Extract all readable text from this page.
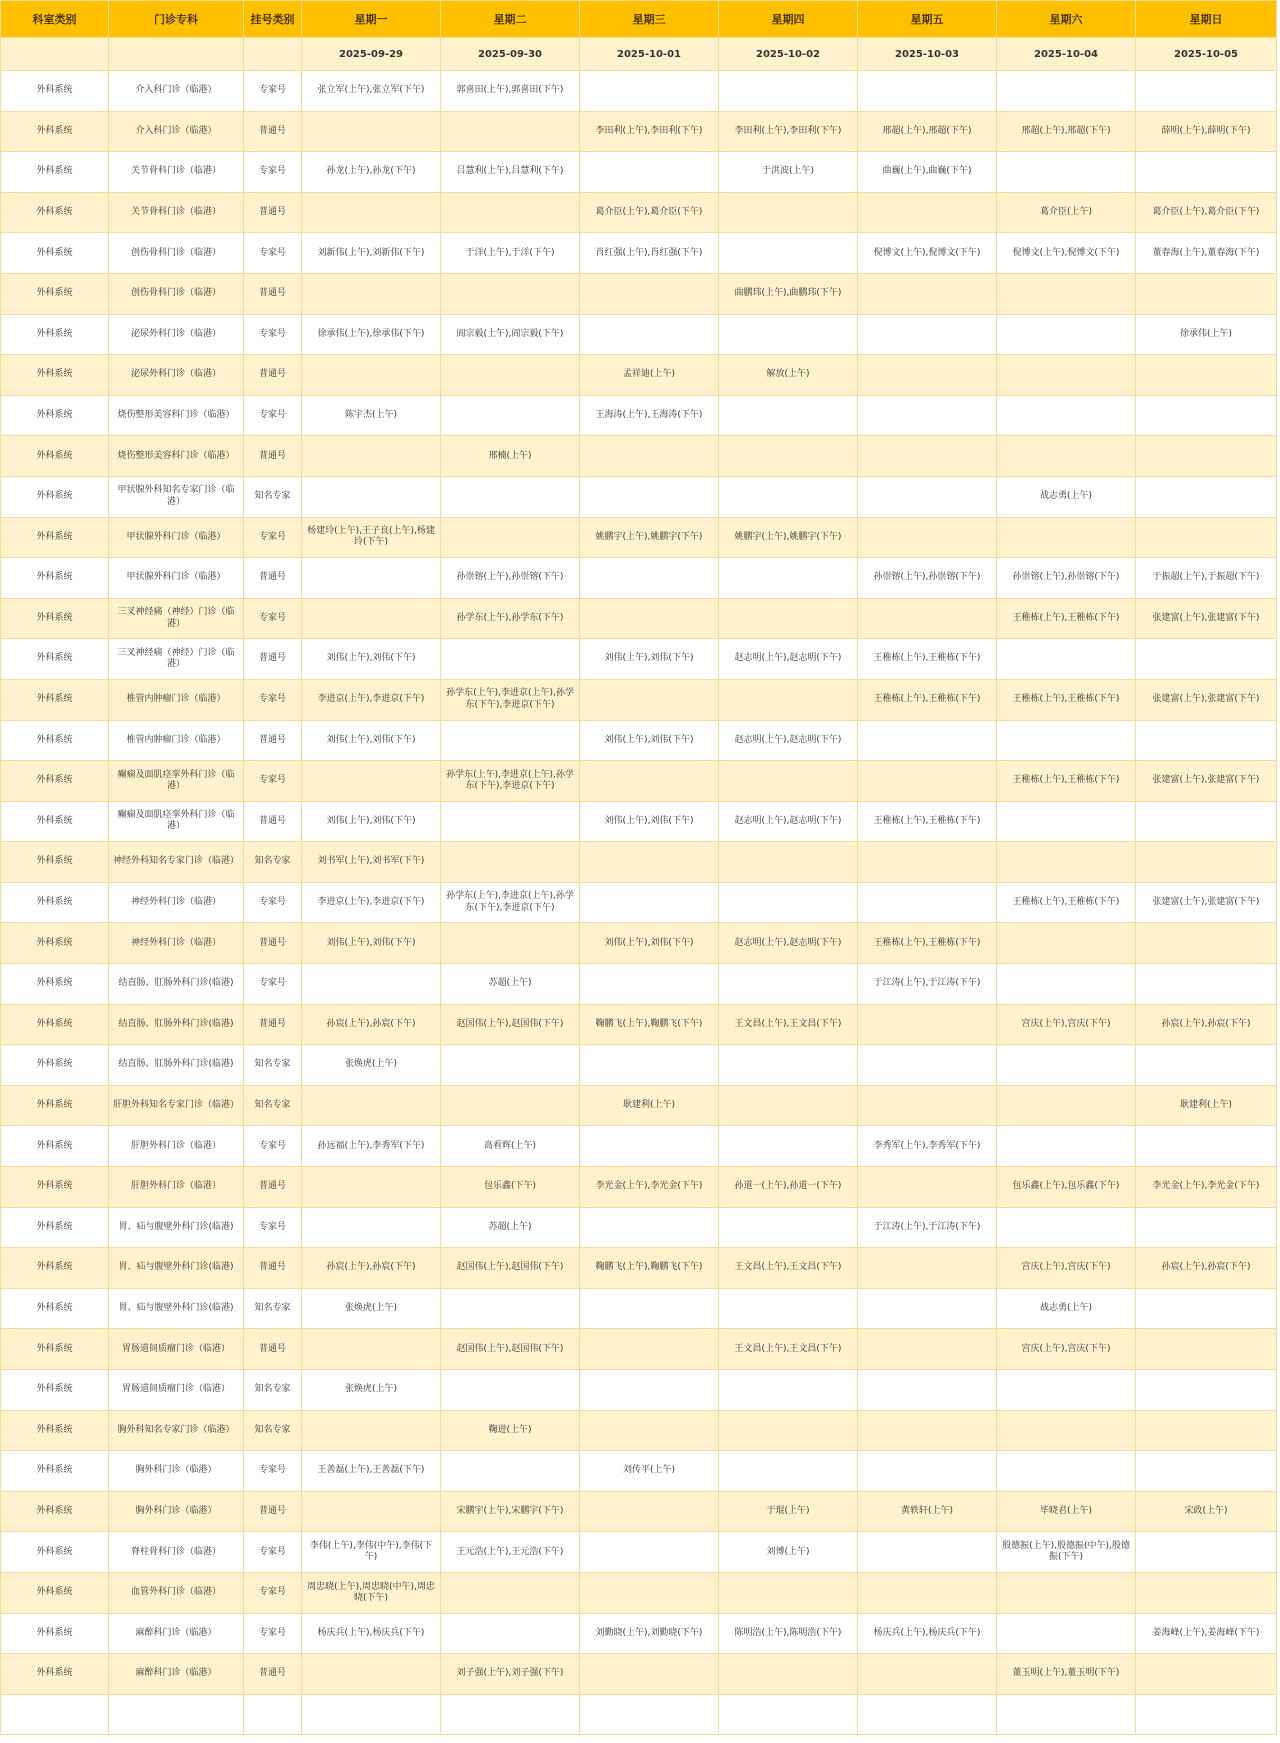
科室类别	门诊专科	挂号类别	星期一	星期二	星期三	星期四	星期五	星期六	星期日
			2025-09-29	2025-09-30	2025-10-01	2025-10-02	2025-10-03	2025-10-04	2025-10-05
外科系统	介入科门诊（临港）	专家号	张立军(上午),张立军(下午)	郭喜田(上午),郭喜田(下午)					
外科系统	介入科门诊（临港）	普通号			李田利(上午),李田利(下午)	李田利(上午),李田利(下午)	邢超(上午),邢超(下午)	邢超(上午),邢超(下午)	薛明(上午),薛明(下午)
外科系统	关节骨科门诊（临港）	专家号	孙龙(上午),孙龙(下午)	吕慧利(上午),吕慧利(下午)		于洪波(上午)	曲巍(上午),曲巍(下午)		
外科系统	关节骨科门诊（临港）	普通号			葛介臣(上午),葛介臣(下午)			葛介臣(上午)	葛介臣(上午),葛介臣(下午)
外科系统	创伤骨科门诊（临港）	专家号	刘新伟(上午),刘新伟(下午)	于洋(上午),于洋(下午)	肖红强(上午),肖红强(下午)		倪博文(上午),倪博文(下午)	倪博文(上午),倪博文(下午)	董春海(上午),董春海(下午)
外科系统	创伤骨科门诊（临港）	普通号				曲鹏玮(上午),曲鹏玮(下午)			
外科系统	泌尿外科门诊（临港）	专家号	徐承伟(上午),徐承伟(下午)	阎宗毅(上午),阎宗毅(下午)					徐承伟(上午)
外科系统	泌尿外科门诊（临港）	普通号			孟祥迪(上午)	解放(上午)			
外科系统	烧伤整形美容科门诊（临港）	专家号	陈宇杰(上午)		王海涛(上午),王海涛(下午)				
外科系统	烧伤整形美容科门诊（临港）	普通号		邢楠(上午)					
外科系统	甲状腺外科知名专家门诊（临港）	知名专家						战志勇(上午)	
外科系统	甲状腺外科门诊（临港）	专家号	杨建玲(上午),王子良(上午),杨建玲(下午)		姚鹏宇(上午),姚鹏宇(下午)	姚鹏宇(上午),姚鹏宇(下午)			
外科系统	甲状腺外科门诊（临港）	普通号		孙崇镕(上午),孙崇镕(下午)			孙崇镕(上午),孙崇镕(下午)	孙崇镕(上午),孙崇镕(下午)	于振超(上午),于振超(下午)
外科系统	三叉神经痛（神经）门诊（临港）	专家号		孙学东(上午),孙学东(下午)				王稚栋(上午),王稚栋(下午)	张建富(上午),张建富(下午)
外科系统	三叉神经痛（神经）门诊（临港）	普通号	刘伟(上午),刘伟(下午)		刘伟(上午),刘伟(下午)	赵志明(上午),赵志明(下午)	王稚栋(上午),王稚栋(下午)		
外科系统	椎管内肿瘤门诊（临港）	专家号	李进京(上午),李进京(下午)	孙学东(上午),李进京(上午),孙学东(下午),李进京(下午)			王稚栋(上午),王稚栋(下午)	王稚栋(上午),王稚栋(下午)	张建富(上午),张建富(下午)
外科系统	椎管内肿瘤门诊（临港）	普通号	刘伟(上午),刘伟(下午)		刘伟(上午),刘伟(下午)	赵志明(上午),赵志明(下午)			
外科系统	癫痫及面肌痉挛外科门诊（临港）	专家号		孙学东(上午),李进京(上午),孙学东(下午),李进京(下午)				王稚栋(上午),王稚栋(下午)	张建富(上午),张建富(下午)
外科系统	癫痫及面肌痉挛外科门诊（临港）	普通号	刘伟(上午),刘伟(下午)		刘伟(上午),刘伟(下午)	赵志明(上午),赵志明(下午)	王稚栋(上午),王稚栋(下午)		
外科系统	神经外科知名专家门诊（临港）	知名专家	刘书军(上午),刘书军(下午)						
外科系统	神经外科门诊（临港）	专家号	李进京(上午),李进京(下午)	孙学东(上午),李进京(上午),孙学东(下午),李进京(下午)				王稚栋(上午),王稚栋(下午)	张建富(上午),张建富(下午)
外科系统	神经外科门诊（临港）	普通号	刘伟(上午),刘伟(下午)		刘伟(上午),刘伟(下午)	赵志明(上午),赵志明(下午)	王稚栋(上午),王稚栋(下午)		
外科系统	结直肠、肛肠外科门诊(临港)	专家号		苏超(上午)			于江涛(上午),于江涛(下午)		
外科系统	结直肠、肛肠外科门诊(临港)	普通号	孙宸(上午),孙宸(下午)	赵国伟(上午),赵国伟(下午)	鞠鹏飞(上午),鞠鹏飞(下午)	王文昌(上午),王文昌(下午)		宫庆(上午),宫庆(下午)	孙宸(上午),孙宸(下午)
外科系统	结直肠、肛肠外科门诊(临港)	知名专家	张焕虎(上午)						
外科系统	肝胆外科知名专家门诊（临港）	知名专家			耿建利(上午)				耿建利(上午)
外科系统	肝胆外科门诊（临港）	专家号	孙远福(上午),李秀军(下午)	高看辉(上午)			李秀军(上午),李秀军(下午)		
外科系统	肝胆外科门诊（临港）	普通号		包乐鑫(下午)	李光金(上午),李光金(下午)	孙道一(上午),孙道一(下午)		包乐鑫(上午),包乐鑫(下午)	李光金(上午),李光金(下午)
外科系统	胃、疝与腹壁外科门诊(临港)	专家号		苏超(上午)			于江涛(上午),于江涛(下午)		
外科系统	胃、疝与腹壁外科门诊(临港)	普通号	孙宸(上午),孙宸(下午)	赵国伟(上午),赵国伟(下午)	鞠鹏飞(上午),鞠鹏飞(下午)	王文昌(上午),王文昌(下午)		宫庆(上午),宫庆(下午)	孙宸(上午),孙宸(下午)
外科系统	胃、疝与腹壁外科门诊(临港)	知名专家	张焕虎(上午)					战志勇(上午)	
外科系统	胃肠道间质瘤门诊（临港）	普通号		赵国伟(上午),赵国伟(下午)		王文昌(上午),王文昌(下午)		宫庆(上午),宫庆(下午)	
外科系统	胃肠道间质瘤门诊（临港）	知名专家	张焕虎(上午)						
外科系统	胸外科知名专家门诊（临港）	知名专家		鞠进(上午)					
外科系统	胸外科门诊（临港）	专家号	王善磊(上午),王善磊(下午)		刘传平(上午)				
外科系统	胸外科门诊（临港）	普通号		宋鹏宇(上午),宋鹏宇(下午)		于琨(上午)	黄轶轩(上午)	毕晓君(上午)	宋政(上午)
外科系统	脊柱骨科门诊（临港）	专家号	李伟(上午),李伟(中午),李伟(下午)	王元浩(上午),王元浩(下午)		刘博(上午)		殷德振(上午),殷德振(中午),殷德振(下午)	
外科系统	血管外科门诊（临港）	专家号	周忠晓(上午),周忠晓(中午),周忠晓(下午)						
外科系统	麻醉科门诊（临港）	专家号	杨庆兵(上午),杨庆兵(下午)		刘勤晓(上午),刘勤晓(下午)	陈明浩(上午),陈明浩(下午)	杨庆兵(上午),杨庆兵(下午)		姜海峰(上午),姜海峰(下午)
外科系统	麻醉科门诊（临港）	普通号		刘子强(上午),刘子强(下午)				董玉明(上午),董玉明(下午)	
